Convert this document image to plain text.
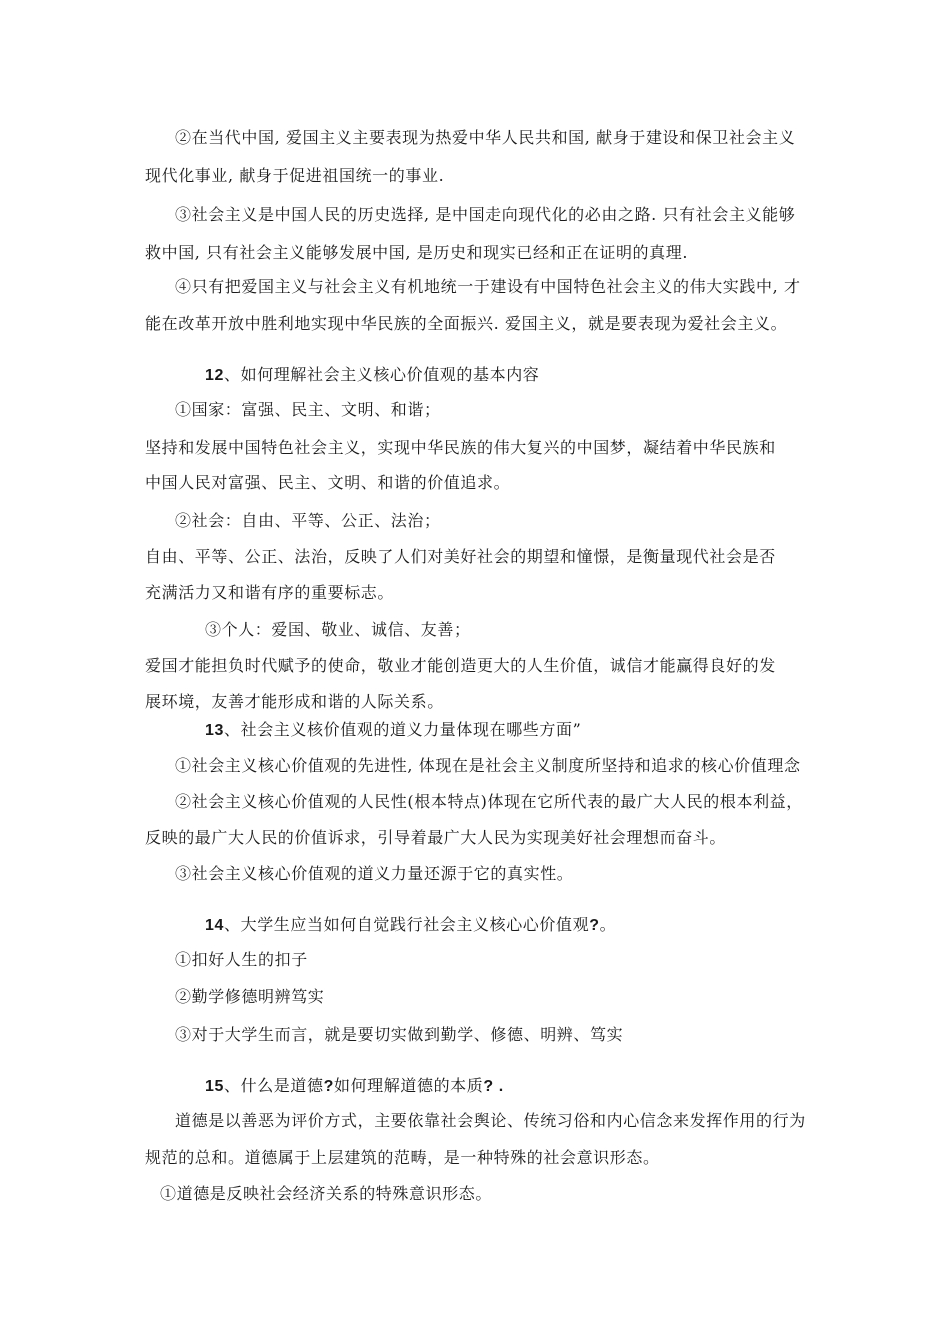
②在当代中国, 爱国主义主要表现为热爱中华人民共和国, 献身于建设和保卫社会主义
现代化事业, 献身于促进祖国统一的事业.
③社会主义是中国人民的历史选择, 是中国走向现代化的必由之路. 只有社会主义能够
救中国, 只有社会主义能够发展中国, 是历史和现实已经和正在证明的真理.
④只有把爱国主义与社会主义有机地统一于建设有中国特色社会主义的伟大实践中, 才
能在改革开放中胜利地实现中华民族的全面振兴. 爱国主义，就是要表现为爱社会主义。
12、如何理解社会主义核心价值观的基本内容
①国家：富强、民主、文明、和谐；
坚持和发展中国特色社会主义，实现中华民族的伟大复兴的中国梦，凝结着中华民族和
中国人民对富强、民主、文明、和谐的价值追求。
②社会：自由、平等、公正、法治；
自由、平等、公正、法治，反映了人们对美好社会的期望和憧憬，是衡量现代社会是否
充满活力又和谐有序的重要标志。
③个人：爱国、敬业、诚信、友善；
爱国才能担负时代赋予的使命，敬业才能创造更大的人生价值，诚信才能赢得良好的发
展环境，友善才能形成和谐的人际关系。
13、社会主义核价值观的道义力量体现在哪些方面”
①社会主义核心价值观的先进性, 体现在是社会主义制度所坚持和追求的核心价值理念
②社会主义核心价值观的人民性(根本特点)体现在它所代表的最广大人民的根本利益，
反映的最广大人民的价值诉求，引导着最广大人民为实现美好社会理想而奋斗。
③社会主义核心价值观的道义力量还源于它的真实性。
14、大学生应当如何自觉践行社会主义核心心价值观?。
①扣好人生的扣子
②勤学修德明辨笃实
③对于大学生而言，就是要切实做到勤学、修德、明辨、笃实
15、什么是道德?如何理解道德的本质? .
道德是以善恶为评价方式，主要依靠社会舆论、传统习俗和内心信念来发挥作用的行为
规范的总和。道德属于上层建筑的范畴，是一种特殊的社会意识形态。
①道德是反映社会经济关系的特殊意识形态。
